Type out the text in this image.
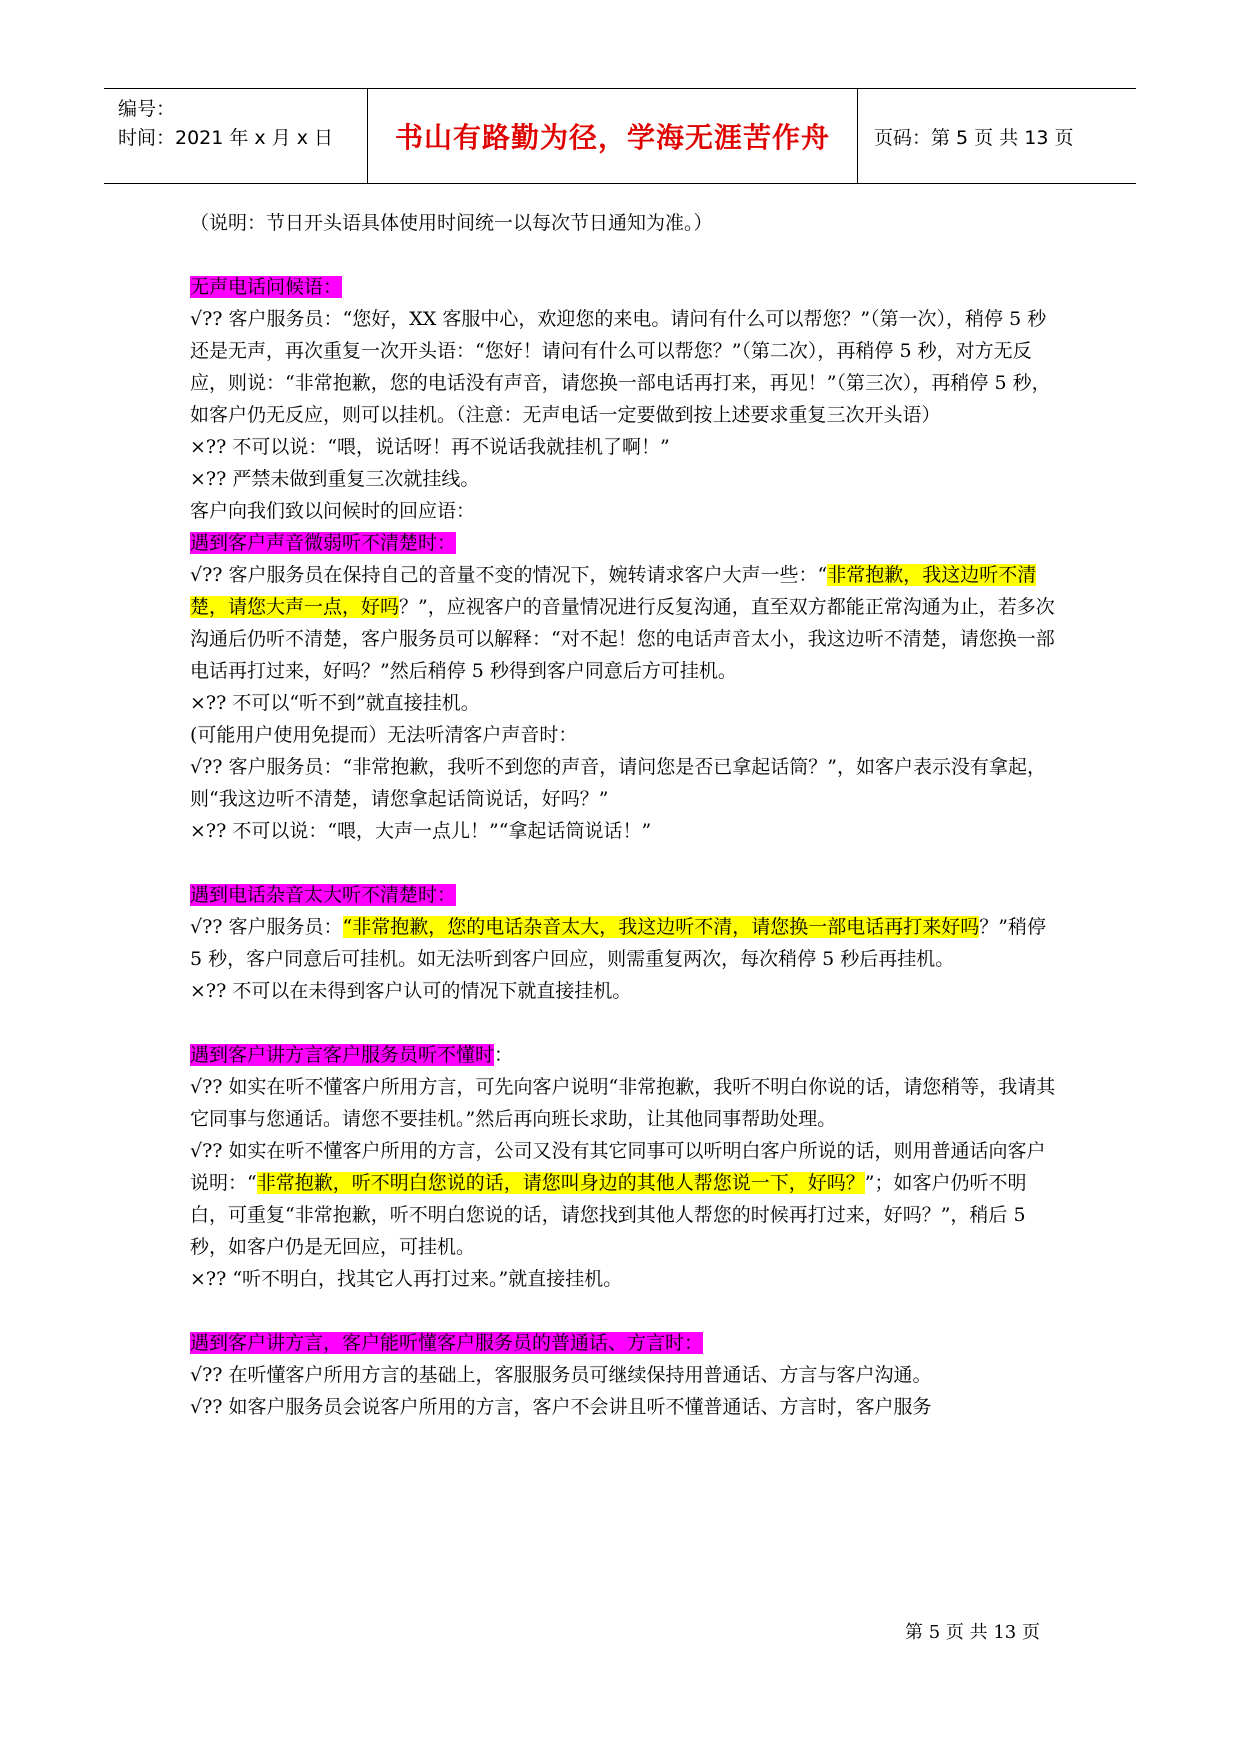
编号：
时间：2021 年 x 月 x 日	书山有路勤为径，学海无涯苦作舟	页码：第 5 页 共 13 页

（说明：节日开头语具体使用时间统一以每次节日通知为准。）

无声电话问候语：

√?? 客户服务员：“您好，XX 客服中心，欢迎您的来电。请问有什么可以帮您？”（第一次），稍停 5 秒还是无声，再次重复一次开头语：“您好！请问有什么可以帮您？”（第二次），再稍停 5 秒，对方无反应，则说：“非常抱歉，您的电话没有声音，请您换一部电话再打来，再见！”（第三次），再稍停 5 秒，如客户仍无反应，则可以挂机。（注意：无声电话一定要做到按上述要求重复三次开头语）

×?? 不可以说：“喂，说话呀！再不说话我就挂机了啊！”

×?? 严禁未做到重复三次就挂线。

客户向我们致以问候时的回应语：

遇到客户声音微弱听不清楚时：

√?? 客户服务员在保持自己的音量不变的情况下，婉转请求客户大声一些：“非常抱歉，我这边听不清楚，请您大声一点，好吗？”，应视客户的音量情况进行反复沟通，直至双方都能正常沟通为止，若多次沟通后仍听不清楚，客户服务员可以解释：“对不起！您的电话声音太小，我这边听不清楚，请您换一部电话再打过来，好吗？”然后稍停 5 秒得到客户同意后方可挂机。

×?? 不可以“听不到”就直接挂机。

(可能用户使用免提而）无法听清客户声音时：

√?? 客户服务员：“非常抱歉，我听不到您的声音，请问您是否已拿起话筒？”，如客户表示没有拿起，则“我这边听不清楚，请您拿起话筒说话，好吗？”

×?? 不可以说：“喂，大声一点儿！”“拿起话筒说话！”

遇到电话杂音太大听不清楚时：

√?? 客户服务员：“非常抱歉，您的电话杂音太大，我这边听不清，请您换一部电话再打来好吗？”稍停 5 秒，客户同意后可挂机。如无法听到客户回应，则需重复两次，每次稍停 5 秒后再挂机。

×?? 不可以在未得到客户认可的情况下就直接挂机。

遇到客户讲方言客户服务员听不懂时：

√?? 如实在听不懂客户所用方言，可先向客户说明“非常抱歉，我听不明白你说的话，请您稍等，我请其它同事与您通话。请您不要挂机。”然后再向班长求助，让其他同事帮助处理。

√?? 如实在听不懂客户所用的方言，公司又没有其它同事可以听明白客户所说的话，则用普通话向客户说明：“非常抱歉，听不明白您说的话，请您叫身边的其他人帮您说一下，好吗？”；如客户仍听不明白，可重复“非常抱歉，听不明白您说的话，请您找到其他人帮您的时候再打过来，好吗？”，稍后 5 秒，如客户仍是无回应，可挂机。

×?? “听不明白，找其它人再打过来。”就直接挂机。

遇到客户讲方言，客户能听懂客户服务员的普通话、方言时：

√?? 在听懂客户所用方言的基础上，客服服务员可继续保持用普通话、方言与客户沟通。

√?? 如客户服务员会说客户所用的方言，客户不会讲且听不懂普通话、方言时，客户服务

第 5 页 共 13 页
